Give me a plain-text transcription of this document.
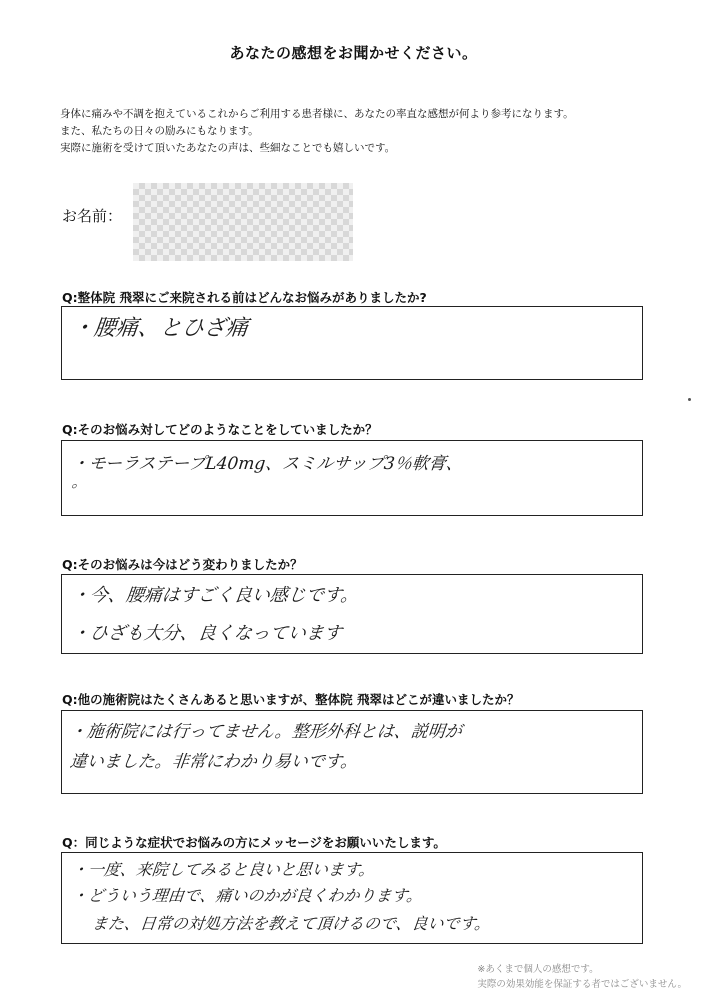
あなたの感想をお聞かせください。
身体に痛みや不調を抱えているこれからご利用する患者様に、あなたの率直な感想が何より参考になります。
また、私たちの日々の励みにもなります。
実際に施術を受けて頂いたあなたの声は、些細なことでも嬉しいです。
お名前：
Q:整体院 飛翠にご来院される前はどんなお悩みがありましたか?
・腰痛、とひざ痛
Q:そのお悩み対してどのようなことをしていましたか？
・モーラステープL40mg、スミルサップ3％軟膏、
。
Q:そのお悩みは今はどう変わりましたか？
・今、腰痛はすごく良い感じです。
・ひざも大分、良くなっています
Q:他の施術院はたくさんあると思いますが、整体院 飛翠はどこが違いましたか？
・施術院には行ってません。整形外科とは、説明が
違いました。非常にわかり易いです。
Q：同じような症状でお悩みの方にメッセージをお願いいたします。
・一度、来院してみると良いと思います。
・どういう理由で、痛いのかが良くわかります。
また、日常の対処方法を教えて頂けるので、良いです。
※あくまで個人の感想です。
実際の効果効能を保証する者ではございません。
